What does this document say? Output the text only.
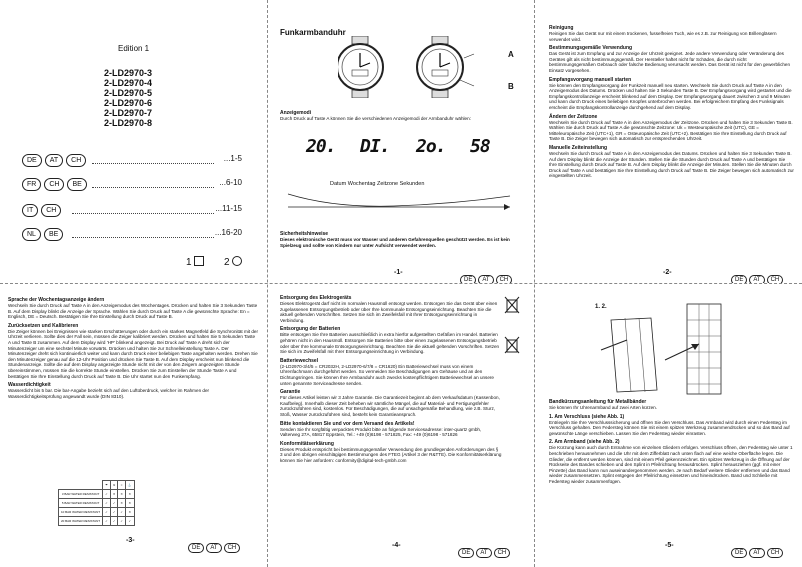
Edition 1
2-LD2970-3
2-LD2970-4
2-LD2970-5
2-LD2970-6
2-LD2970-7
2-LD2970-8
DE AT CH	...1-5
FR CH BE	...6-10
IT CH	...11-15
NL BE	...16-20
1	2
Funkarmbanduhr
A
B

Anzeigemodi

Durch Druck auf Taste A können Sie die verschiedenen Anzeigemodi der Armbanduhr wählen:

20. DI. 2o. 58
Datum Wochentag Zeitzone Sekunden

Sicherheitshinweise

Dieses elektronische Gerät muss vor Wasser und anderen Gefahrenquellen geschützt werden. Es ist kein Spielzeug und sollte von Kindern nur unter Aufsicht verwendet werden.

-1-
DE AT CH

Reinigung

Reinigen Sie das Gerät nur mit einem trockenen, fusselfreien Tuch, wie es z.B. zur Reinigung von Brillengläsern verwendet wird.

Bestimmungsgemäße Verwendung

Das Gerät ist zum Empfang und zur Anzeige der Uhrzeit geeignet. Jede andere Verwendung oder Veränderung des Gerätes gilt als nicht bestimmungsgemäß. Der Hersteller haftet nicht für Schäden, die durch nicht bestimmungsgemäßen Gebrauch oder falsche Bedienung verursacht werden. Das Gerät ist nicht für den gewerblichen Einsatz vorgesehen.

Empfangsvorgang manuell starten

Sie können den Empfangsvorgang der Funkzeit manuell neu starten. Wechseln Sie durch Druck auf Taste A in den Anzeigemodus des Datums. Drücken und halten Sie 3 Sekunden Taste B. Der Empfangsvorgang wird gestartet und die Empfangskontrollanzeige erscheint blinkend auf dem Display. Der Empfangsvorgang dauert zwischen 3 und 9 Minuten und kann durch Druck eines beliebigen Knopfes unterbrochen werden. Bei erfolgreichem Empfang des Funksignals erscheint die Empfangskontrollanzeige durchgehend auf dem Display.

Ändern der Zeitzone

Wechseln Sie durch Druck auf Taste A in den Anzeigemodus der Zeitzone. Drücken und halten Sie 3 Sekunden Taste B. Wählen Sie durch Druck auf Taste A die gewünschte Zeitzone: Uk = Westeuropäische Zeit (UTC), GE = Mitteleuropäische Zeit (UTC+1), GR = Osteuropäische Zeit (UTC+2). Bestätigen Sie Ihre Einstellung durch Druck auf Taste B. Die Zeiger bewegen sich automatisch zur entsprechenden Uhrzeit.

Manuelle Zeiteinstellung

Wechseln Sie durch Druck auf Taste A in den Anzeigemodus des Datums. Drücken und halten Sie 3 Sekunden Taste B. Auf dem Display blinkt die Anzeige der Stunden. Stellen Sie die Stunden durch Druck auf Taste A und bestätigen Sie Ihre Einstellung durch Druck auf Taste B. Auf dem Display blinkt die Anzeige der Minuten. Stellen Sie die Minuten durch Druck auf Taste A und bestätigen Sie Ihre Einstellung durch Druck auf Taste B. Die Zeiger bewegen sich automatisch zur eingestellten Uhrzeit.

-2-
DE AT CH

Sprache der Wochentagsanzeige ändern

Wechseln Sie durch Druck auf Taste A in den Anzeigemodus des Wochentages. Drücken und halten Sie 3 Sekunden Taste B. Auf dem Display blinkt die Anzeige der Sprache. Wählen Sie durch Druck auf Taste A die gewünschte Sprache: En = Englisch, DE = Deutsch. Bestätigen Sie Ihre Einstellung durch Druck auf Taste B.

Zurücksetzen und Kalibrieren

Die Zeiger können bei Ereignissen wie starken Erschütterungen oder durch ein starkes Magnetfeld die Synchronität mit der Uhrzeit verlieren. Sollte dies der Fall sein, müssen die Zeiger kalibriert werden. Drücken und halten Sie 5 Sekunden Taste A und Taste B zusammen. Auf dem Display wird 'HP' blinkend angezeigt. Bei Druck auf Taste A dreht sich der Minutenzeiger um eine sechstel Minute vorwärts. Drücken und halten Sie zur Schnelleinstellung Taste A. Der Minutenzeiger dreht sich kontinuierlich weiter und kann durch Druck einer beliebigen Taste angehalten werden. Drehen Sie den Minutenzeiger genau auf die 12-Uhr Position und drücken Sie Taste B. Auf dem Display erscheint nun blinkend die Stundenanzeige. Sollte die auf dem Display angezeigte Stunde nicht mit der von den Zeigern angezeigten Stunde übereinstimmen, müssen Sie die korrekte Stunde einstellen. Drücken Sie zum Einstellen der Stunde Taste A und bestätigen Sie Ihre Einstellung durch Druck auf Taste B. Die Uhr startet nun den Funkempfang.

Wasserdichtigkeit

Wasserdicht bis 5 bar. Die bar-Angabe bezieht sich auf den Luftüberdruck, welcher im Rahmen der Wasserdichtigkeitsprüfung angewandt wurde (DIN 8310).

	☂	≋	≈	⚓
3 BAR WATER RESISTANT	✓	✕	✕	✕
5 BAR WATER RESISTANT	✓	✓	✕	✕
10 BAR WATER RESISTANT	✓	✓	✓	✕
20 BAR WATER RESISTANT	✓	✓	✓	✓
-3-
DE AT CH

Entsorgung des Elektrogeräts

Dieses Elektrogerät darf nicht im normalen Hausmüll entsorgt werden. Entsorgen Sie das Gerät über einen zugelassenen Entsorgungsbetrieb oder über Ihre kommunale Entsorgungseinrichtung. Beachten Sie die aktuell geltenden Vorschriften. Setzen Sie sich im Zweifelsfall mit Ihrer Entsorgungseinrichtung in Verbindung.

Entsorgung der Batterien

Bitte entsorgen Sie Ihre Batterien ausschließlich in extra hierfür aufgestellten Gefäßen im Handel. Batterien gehören nicht in den Hausmüll. Entsorgen Sie Batterien bitte über einen zugelassenen Entsorgungsbetrieb oder über Ihre kommunale Entsorgungseinrichtung. Beachten Sie die aktuell geltenden Vorschriften. Setzen Sie sich im Zweifelsfall mit Ihrer Entsorgungseinrichtung in Verbindung.

Batteriewechsel

(2-LD2970-3/4/5 = CR2032H, 2-LD2970-6/7/8 = CR1620) Ein Batteriewechsel muss von einem Uhrenfachmann durchgeführt werden. So vermeiden Sie Beschädigungen am Gehäuse und an den Dichtungsringen. Sie können Ihre Armbanduhr auch zwecks kostenpflichtigem Batteriewechsel an unsere unten genannte Serviceadresse senden.

Garantie

Für dieses Artikel leisten wir 3 Jahre Garantie. Die Garantiezeit beginnt ab dem Verkaufsdatum (Kassenbon, Kaufbeleg). Innerhalb dieser Zeit beheben wir sämtliche Mängel, die auf Material- und Fertigungsfehler zurückzuführen sind, kostenlos. Für Beschädigungen, die auf unsachgemäße Behandlung, wie z.B. Sturz, Stoß, Wasser zurückzuführen sind, besteht kein Garantieanspruch.

Bitte kontaktieren Sie und vor dem Versand des Artikels!

Senden Sie Ihr sorgfältig verpacktes Produkt bitte an folgende Servicesadresse: inter-quartz gmbh, Valterweg 27A, 65817 Eppstein, Tel.: +49 (0)6198 - 571825, Fax: +49 (0)6198 - 571826

Konformitätserklärung

Dieses Produkt entspricht bei bestimmungsgemäßer Verwendung den grundlegenden Anforderungen des § 3 und den übrigen einschlägigen Bestimmungen des FTEG (Artikel 3 der R&TTE). Die Konformitätserklärung können Sie hier anfordern: conformity@digital-tech-gmbh.com

-4-
DE AT CH
1. 2.

Bandkürzungsanleitung für Metallbänder

Sie können Ihr Uhrenarmband auf zwei Arten kürzen.

1. Am Verschluss (siehe Abb. 1)

Entriegeln Sie Ihre Verschlusssicherung und öffnen Sie den Verschluss. Das Armband wird durch einen Federsteg im Verschluss gehalten. Den Federsteg können Sie mit einem spitzen Werkzeug zusammendrücken und so das Band auf gewünschte Länge verschieben. Lassen Sie den Federsteg wieder einrasten.

2. Am Armband (siehe Abb. 2)

Die Kürzung kann auch durch Entnahme von einzelnen Gliedern erfolgen. Verschluss öffnen, den Federsteg wie unter 1 beschrieben herausnehmen und die Uhr mit dem Zifferblatt nach unten flach auf eine weiche Oberfläche legen. Die Glieder, die entfernt werden können, sind mit einem Pfeil gekennzeichnet. Ein spitzes Werkzeug in die Öffnung auf der Rückseite des Bandes schieben und den Splint in Pfeilrichtung herausdrücken. Splint herausziehen (ggf. mit einer Pinzette) das Band kann nun auseinandergenommen werden. Je nach Bedarf weitere Glieder entfernen und das Band wieder zusammensetzen. Splint entgegen der Pfeilrichtung einsetzen und hineindrücken. Band und Schließe mit Federsteg wieder zusammenfügen.

-5-
DE AT CH
